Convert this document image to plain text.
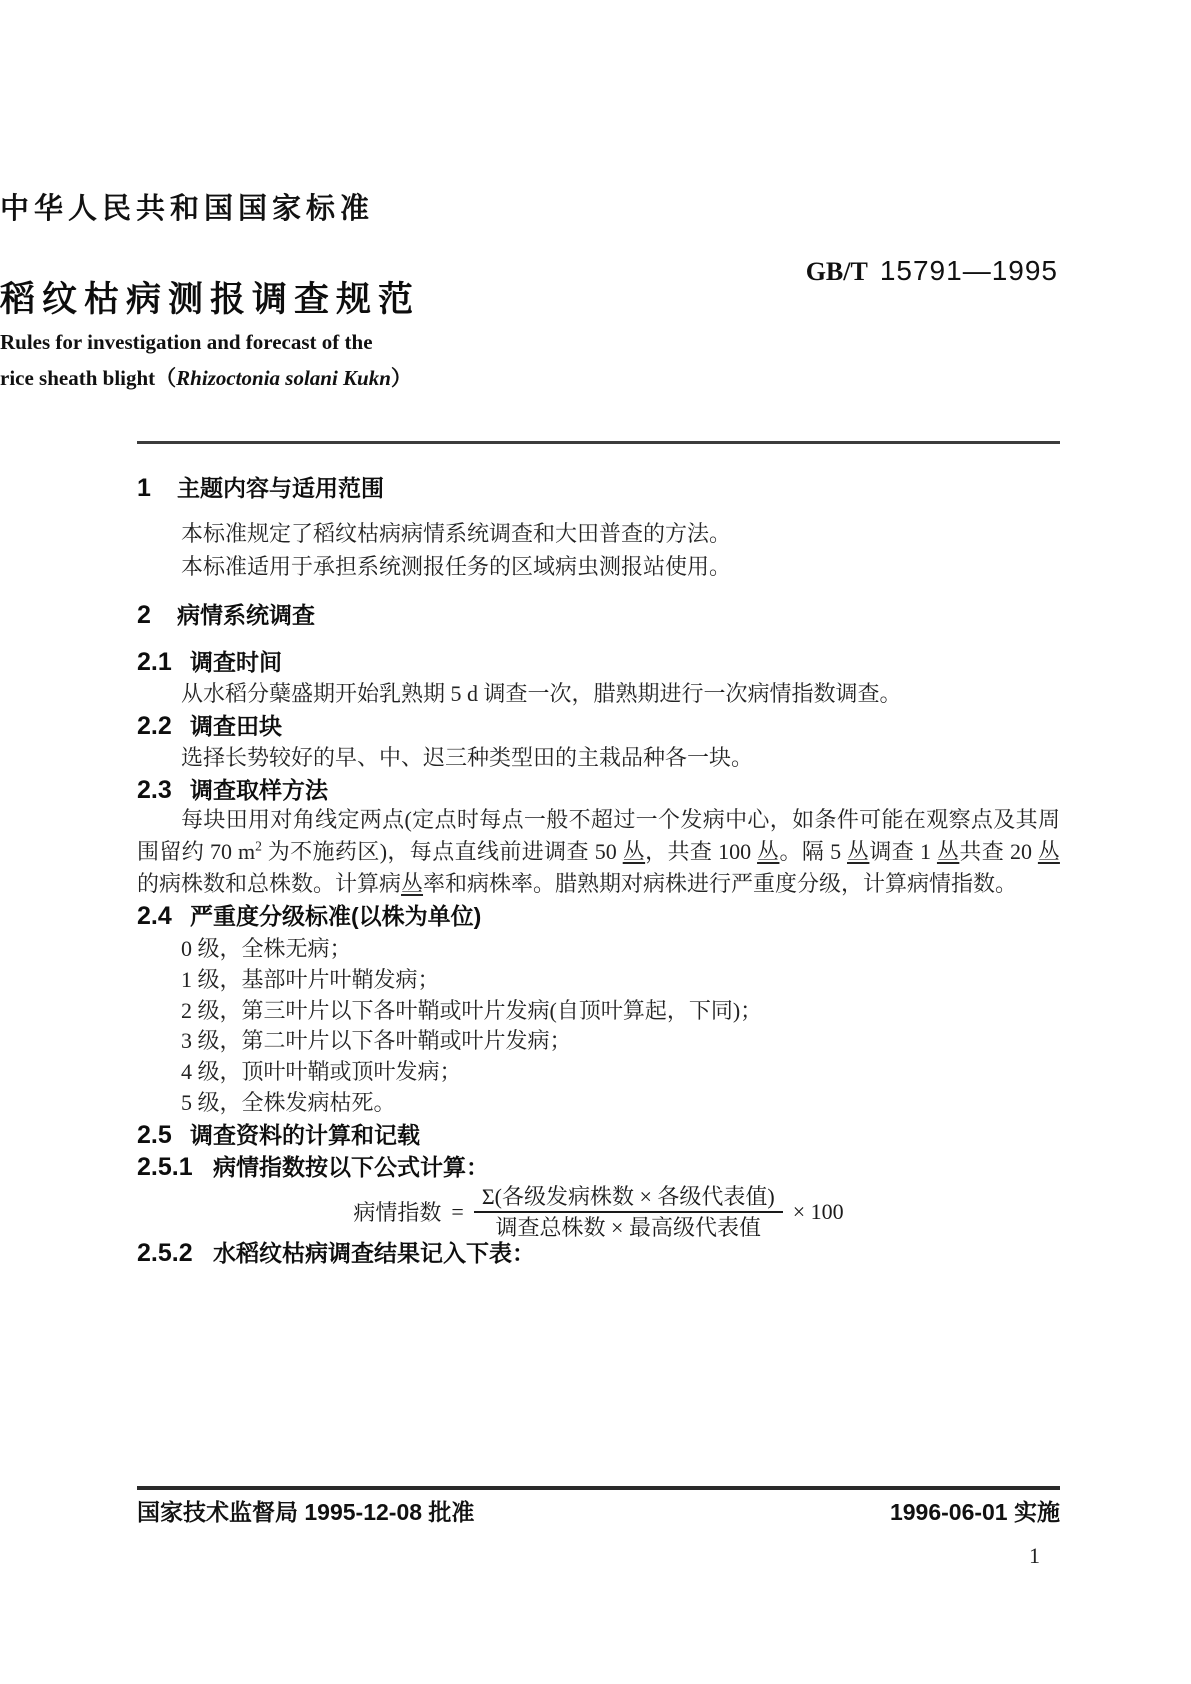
中华人民共和国国家标准
GB/T 15791—1995
稻纹枯病测报调查规范
Rules for investigation and forecast of the
rice sheath blight（Rhizoctonia solani Kukn）
1	主题内容与适用范围

本标准规定了稻纹枯病病情系统调查和大田普查的方法。

本标准适用于承担系统测报任务的区域病虫测报站使用。

2	病情系统调查
2.1 调查时间

从水稻分蘖盛期开始乳熟期 5 d 调查一次，腊熟期进行一次病情指数调查。

2.2 调查田块

选择长势较好的早、中、迟三种类型田的主栽品种各一块。

2.3 调查取样方法

每块田用对角线定两点(定点时每点一般不超过一个发病中心，如条件可能在观察点及其周围留约 70 $m^2$ 为不施药区)，每点直线前进调查 50 丛，共查 100 丛。隔 5 丛调查 1 丛共查 20 丛的病株数和总株数。计算病丛率和病株率。腊熟期对病株进行严重度分级，计算病情指数。

2.4 严重度分级标准(以株为单位)
0 级，全株无病；
1 级，基部叶片叶鞘发病；
2 级，第三叶片以下各叶鞘或叶片发病(自顶叶算起，下同)；
3 级，第二叶片以下各叶鞘或叶片发病；
4 级，顶叶叶鞘或顶叶发病；
5 级，全株发病枯死。
2.5 调查资料的计算和记载
2.5.1 病情指数按以下公式计算：
病情指数 = $\frac{\text{Σ(各级发病株数 × 各级代表值)}}{\text{调查总株数 × 最高级代表值}} \times 100$
2.5.2 水稻纹枯病调查结果记入下表：
国家技术监督局 1995-12-08 批准	1996-06-01 实施
1
